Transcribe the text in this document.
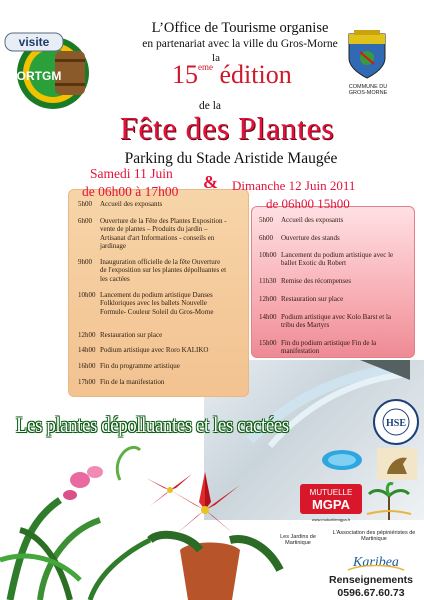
visite
ORTGM
COMMUNE DU GROS-MORNE
L’Office de Tourisme organise
en partenariat avec la ville du Gros-Morne
la
15eme édition
de la
Fête des Plantes
Parking du Stade Aristide Maugée
Samedi 11 Juin
de 06h00 à 17h00 & Dimanche 12 Juin 2011
de 06h00 15h00
5h00	Accueil des exposants
6h00	Ouverture de la Fête des Plantes Exposition - vente de plantes – Produits du jardin – Artisanat d'art Informations - conseils en jardinage
9h00	Inauguration officielle de la fête Ouverture de l'exposition sur les plantes dépolluantes et les cactées
10h00 Lancement du podium artistique Danses Folkloriques avec les ballets Nouvelle Formule- Couleur Soleil du Gros-Morne
12h00 Restauration sur place
14h00 Podium artistique avec Roro KALIKO
16h00 Fin du programme artistique
17h00 Fin de la manifestation
5h00	Accueil des exposants
6h00	Ouverture des stands
10h00 Lancement du podium artistique avec le ballet Exotic du Robert
11h30 Remise des récompenses
12h00 Restauration sur place
14h00 Podium artistique avec Kolo Barst et la tribu des Martyrs
15h00 Fin du podium artistique Fin de la manifestation
Les plantes dépolluantes et les cactées	HSE
MUTUELLE
MGPA
www.mutuellemgpa.fr
Les Jardins de Martinique
L'Association des pépiniéristes de Martinique
Karibea
Renseignements
0596.67.60.73
